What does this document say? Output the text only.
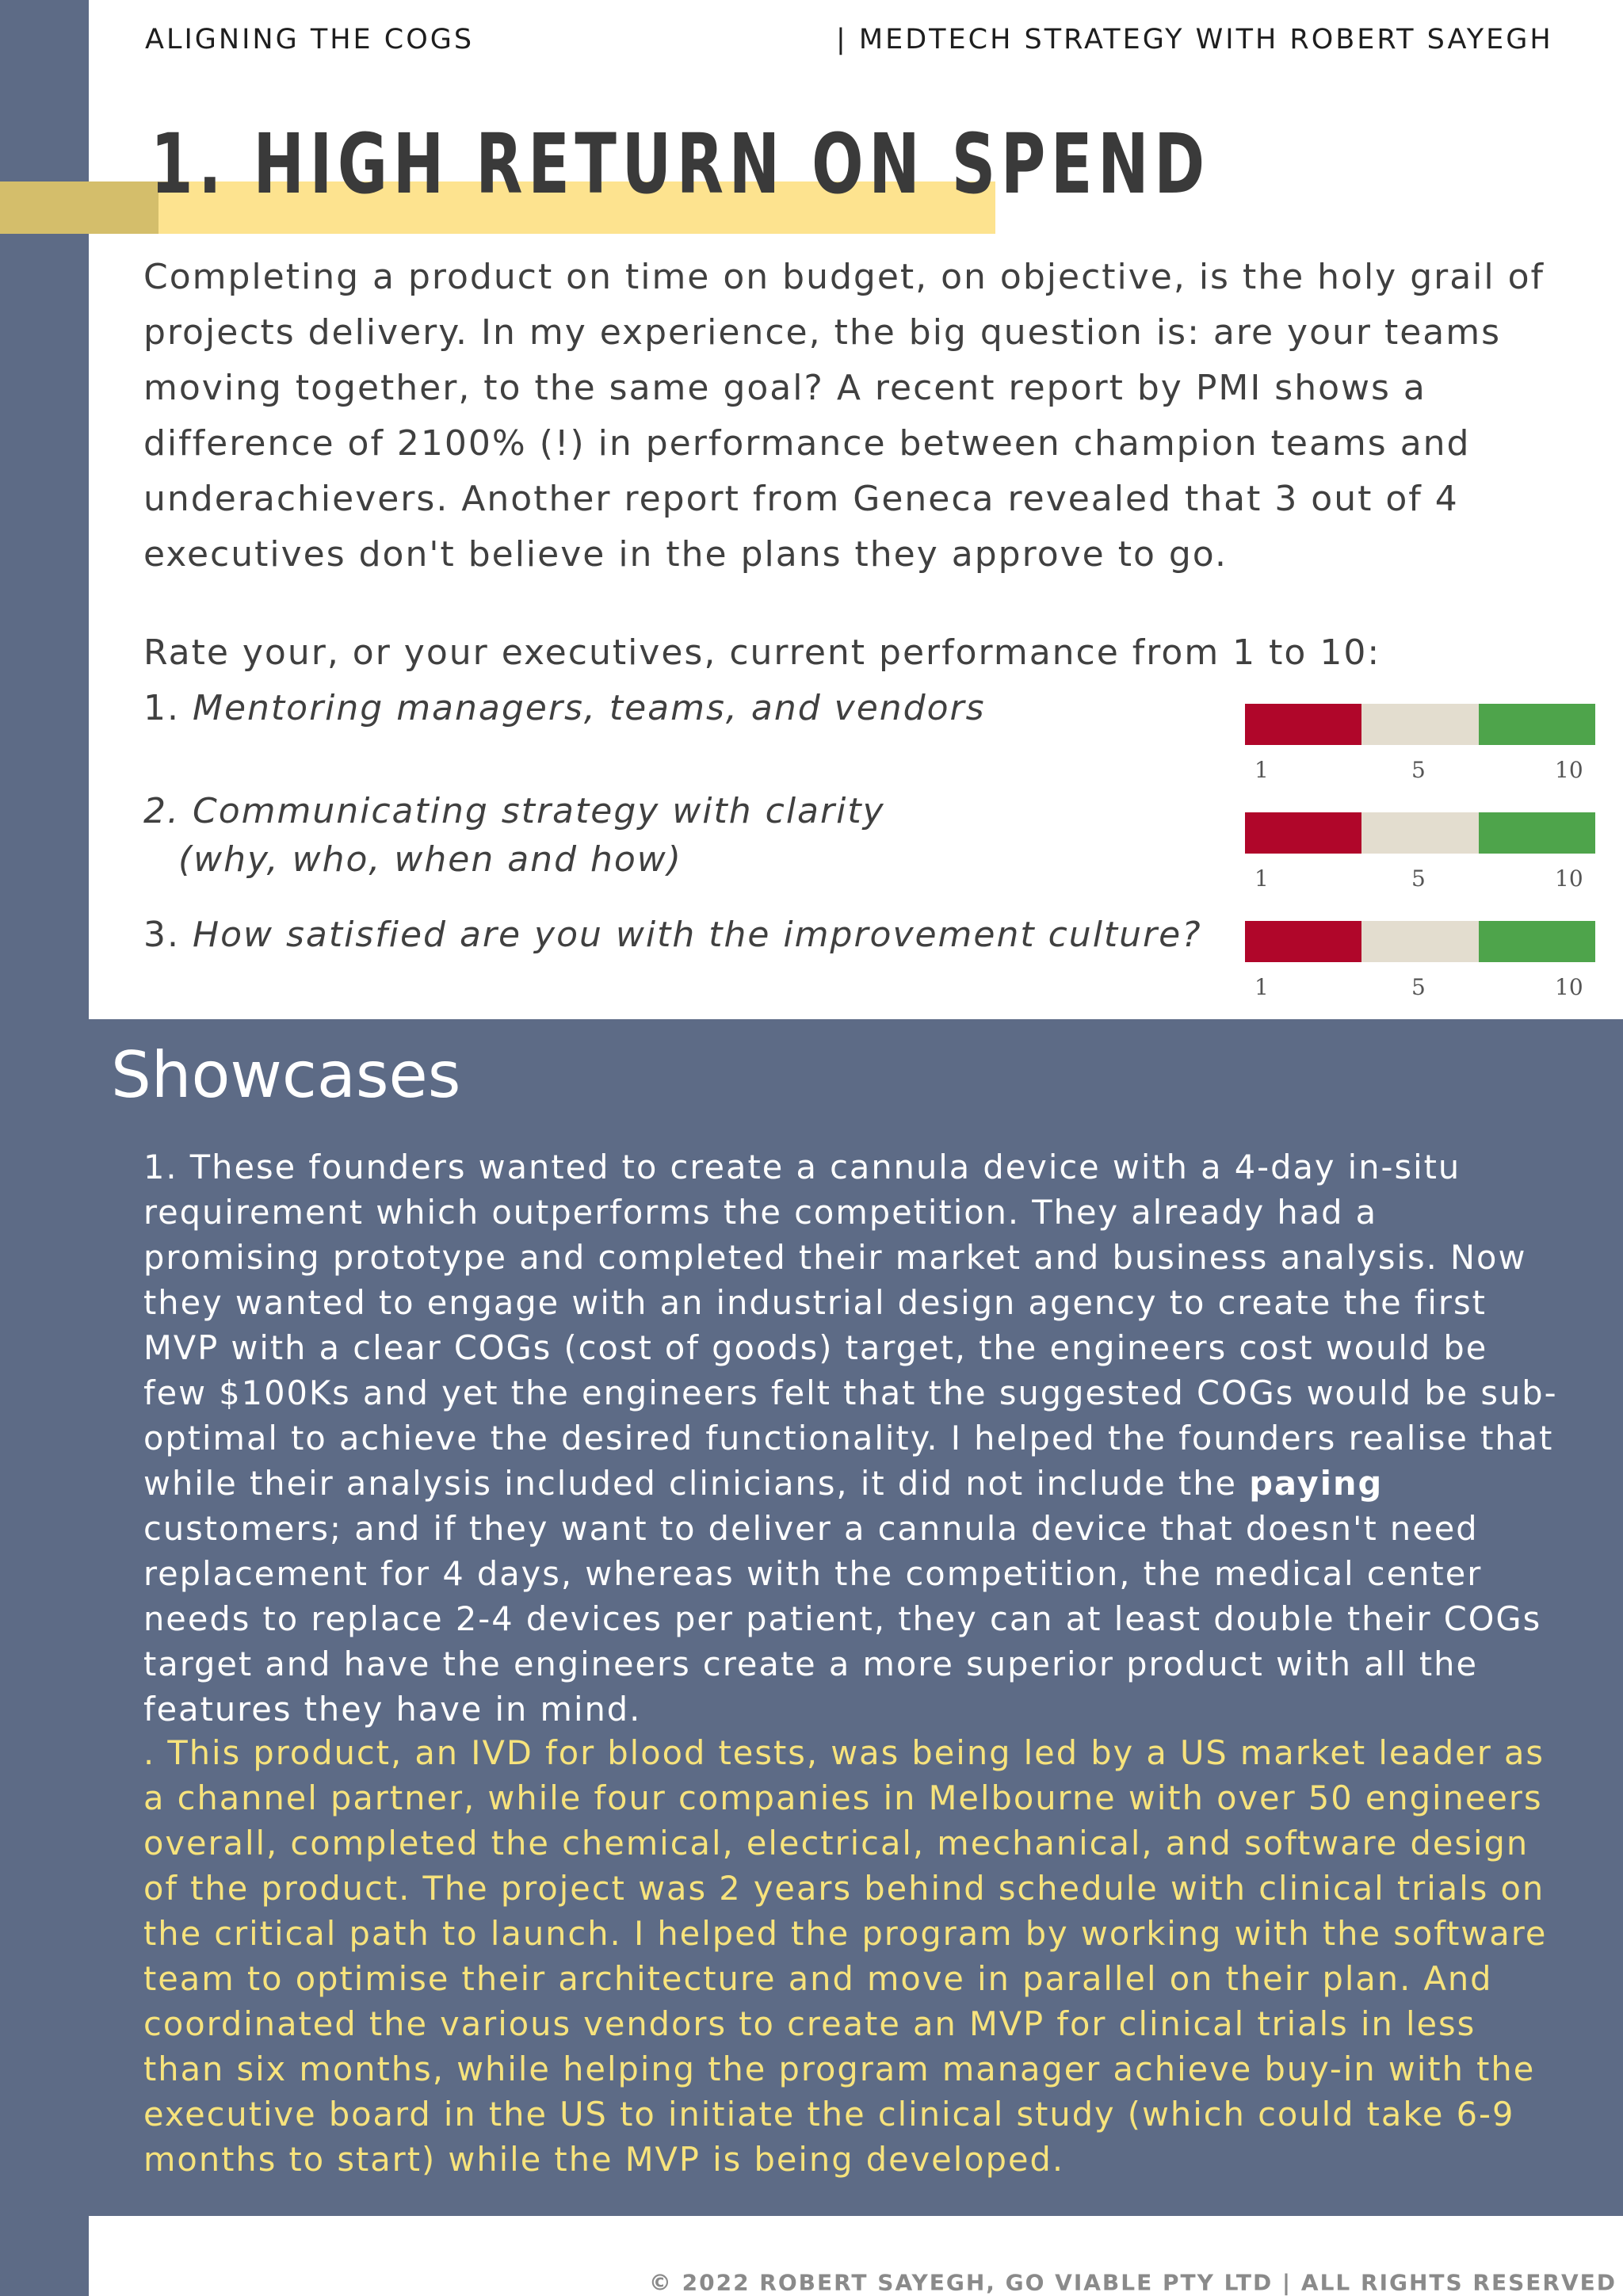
ALIGNING THE COGS	| MEDTECH STRATEGY WITH ROBERT SAYEGH
1. HIGH RETURN ON SPEND

Completing a product on time on budget, on objective, is the holy grail of projects delivery. In my experience, the big question is: are your teams moving together, to the same goal? A recent report by PMI shows a difference of 2100% (!) in performance between champion teams and underachievers. Another report from Geneca revealed that 3 out of 4 executives don't believe in the plans they approve to go.

Rate your, or your executives, current performance from 1 to 10:
1. Mentoring managers, teams, and vendors
2. Communicating strategy with clarity
(why, who, when and how)
3. How satisfied are you with the improvement culture?
1	5	10
1	5	10
1	5	10
Showcases

1. These founders wanted to create a cannula device with a 4-day in-situ requirement which outperforms the competition. They already had a promising prototype and completed their market and business analysis. Now they wanted to engage with an industrial design agency to create the first MVP with a clear COGs (cost of goods) target, the engineers cost would be few $100Ks and yet the engineers felt that the suggested COGs would be sub-optimal to achieve the desired functionality. I helped the founders realise that while their analysis included clinicians, it did not include the paying customers; and if they want to deliver a cannula device that doesn't need replacement for 4 days, whereas with the competition, the medical center needs to replace 2-4 devices per patient, they can at least double their COGs target and have the engineers create a more superior product with all the features they have in mind.

. This product, an IVD for blood tests, was being led by a US market leader as a channel partner, while four companies in Melbourne with over 50 engineers overall, completed the chemical, electrical, mechanical, and software design of the product. The project was 2 years behind schedule with clinical trials on the critical path to launch. I helped the program by working with the software team to optimise their architecture and move in parallel on their plan. And coordinated the various vendors to create an MVP for clinical trials in less than six months, while helping the program manager achieve buy-in with the executive board in the US to initiate the clinical study (which could take 6-9 months to start) while the MVP is being developed.

© 2022 ROBERT SAYEGH, GO VIABLE PTY LTD | ALL RIGHTS RESERVED
